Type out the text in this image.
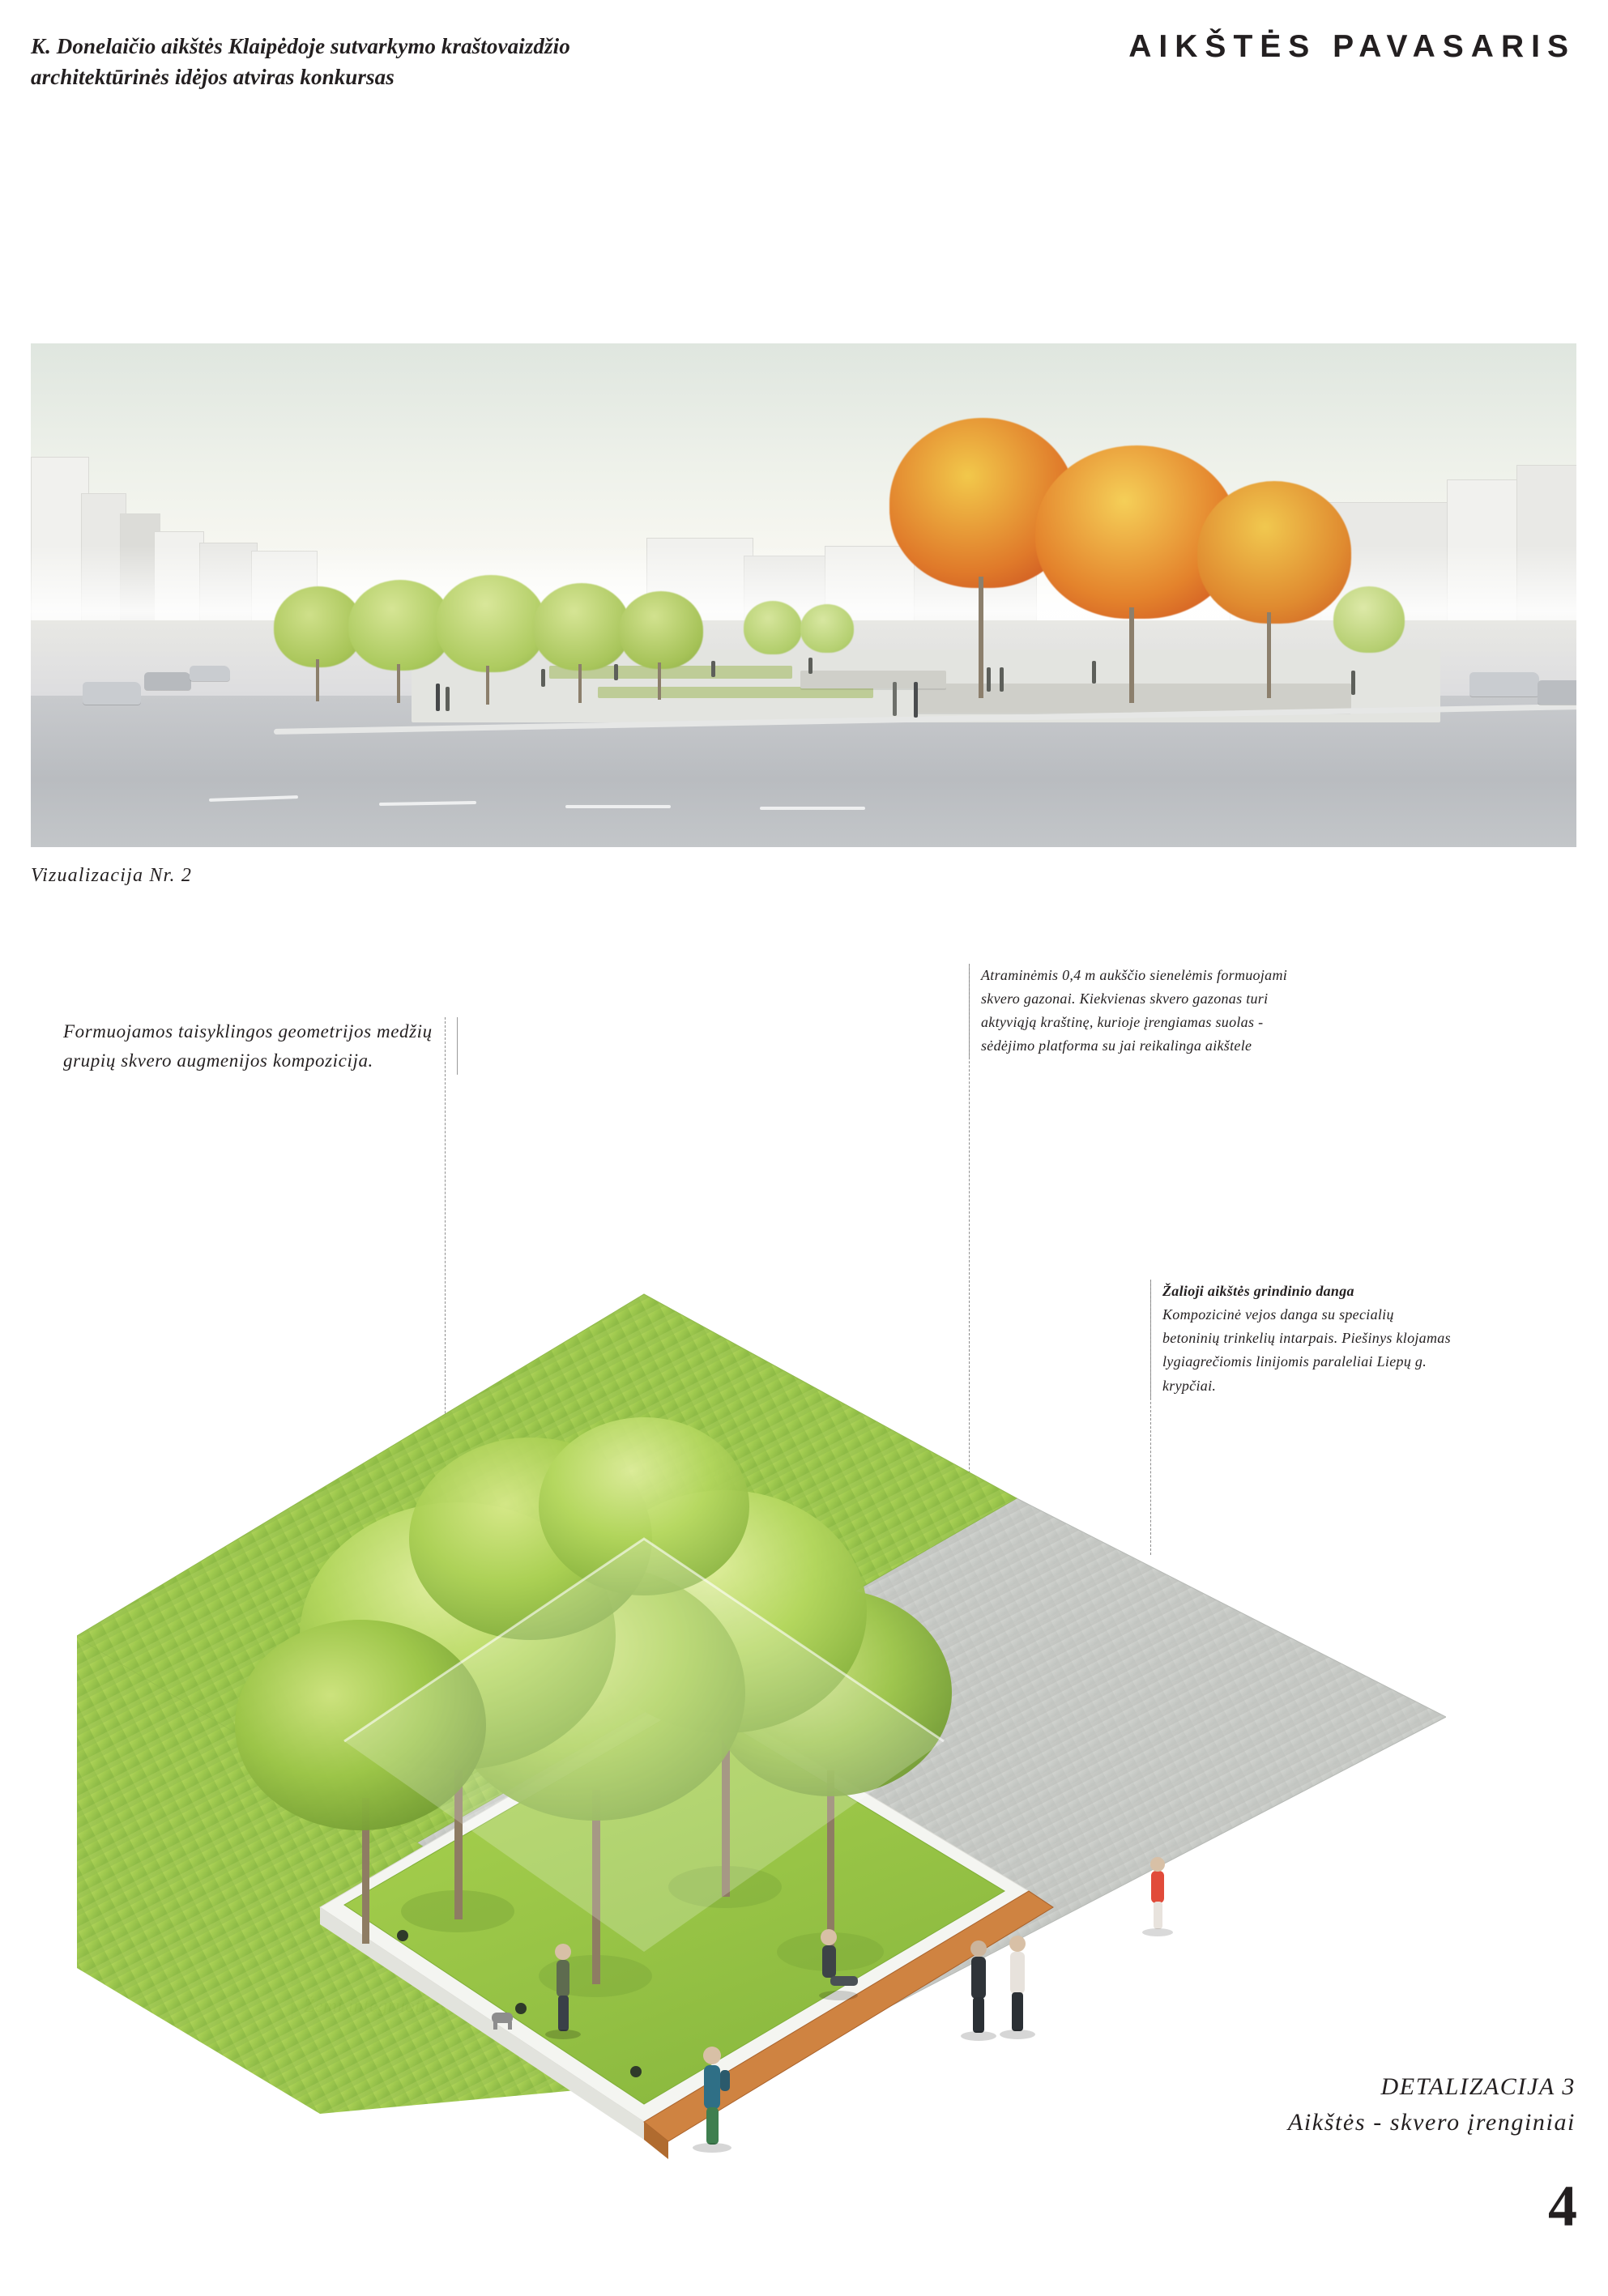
K. Donelaičio aikštės Klaipėdoje sutvarkymo kraštovaizdžio architektūrinės idėjos atviras konkursas
AIKŠTĖS PAVASARIS
Vizualizacija Nr. 2
Formuojamos taisyklingos geometrijos medžių grupių skvero augmenijos kompozicija.
Atraminėmis 0,4 m aukščio sienelėmis formuojami skvero gazonai. Kiekvienas skvero gazonas turi aktyviąją kraštinę, kurioje įrengiamas suolas - sėdėjimo platforma su jai reikalinga aikštele
Žalioji aikštės grindinio danga
Kompozicinė vejos danga su specialių betoninių trinkelių intarpais. Piešinys klojamas lygiagrečiomis linijomis paraleliai Liepų g. krypčiai.
DETALIZACIJA 3
Aikštės - skvero įrenginiai
4
